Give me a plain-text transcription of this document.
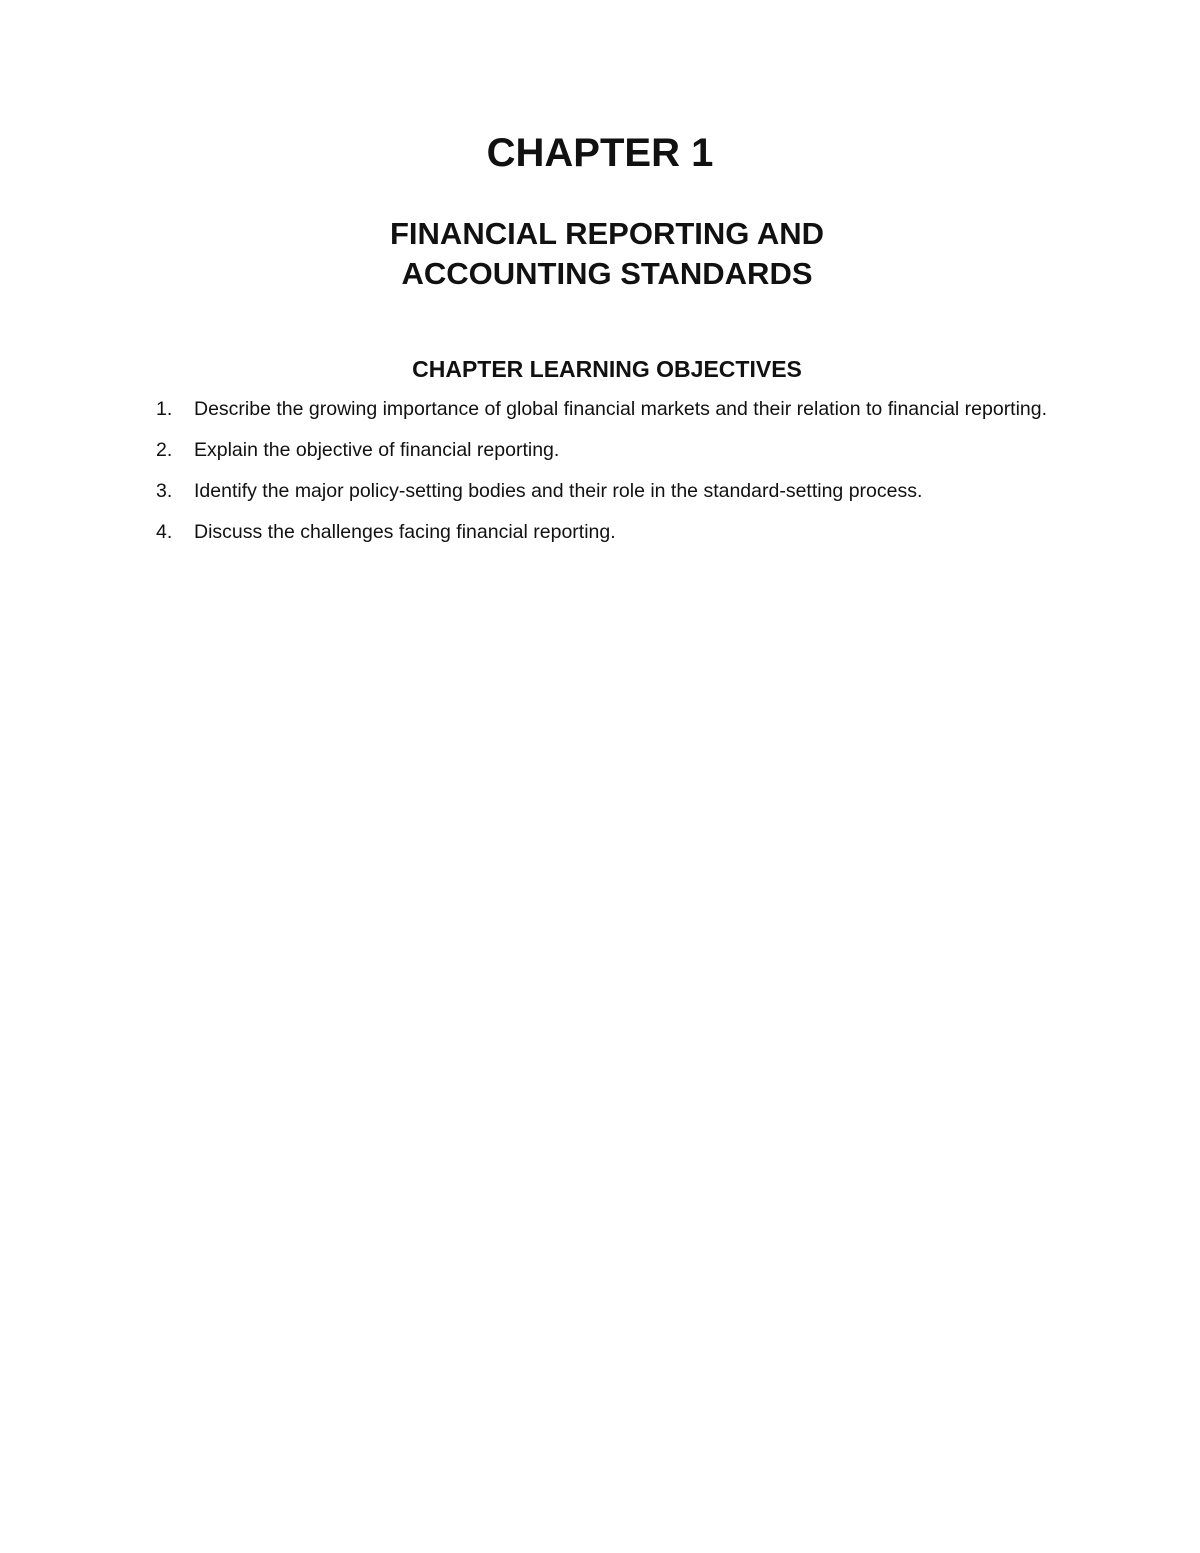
CHAPTER 1
FINANCIAL REPORTING AND
ACCOUNTING STANDARDS
CHAPTER LEARNING OBJECTIVES
1.	Describe the growing importance of global financial markets and their relation to financial reporting.
2.	Explain the objective of financial reporting.
3.	Identify the major policy-setting bodies and their role in the standard-setting process.
4.	Discuss the challenges facing financial reporting.
